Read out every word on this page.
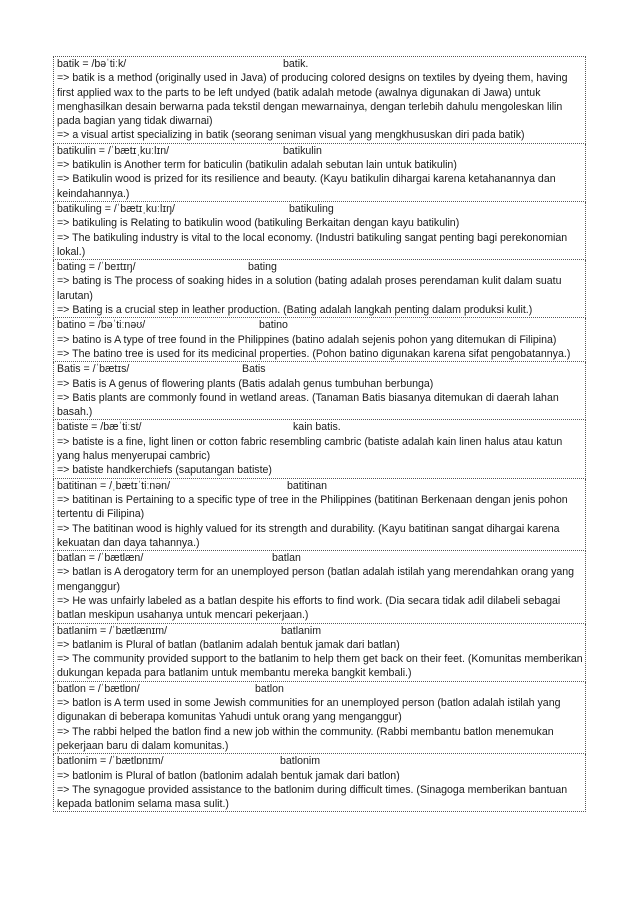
batik = /bəˈtiːk/	batik.
=> batik is a method (originally used in Java) of producing colored designs on textiles by dyeing them, having first applied wax to the parts to be left undyed (batik adalah metode (awalnya digunakan di Jawa) untuk menghasilkan desain berwarna pada tekstil dengan mewarnainya, dengan terlebih dahulu mengoleskan lilin pada bagian yang tidak diwarnai)
=> a visual artist specializing in batik (seorang seniman visual yang mengkhususkan diri pada batik)
batikulin = /ˈbætɪˌkuːlɪn/	batikulin
=> batikulin is Another term for baticulin (batikulin adalah sebutan lain untuk batikulin)
=> Batikulin wood is prized for its resilience and beauty. (Kayu batikulin dihargai karena ketahanannya dan keindahannya.)
batikuling = /ˈbætɪˌkuːlɪŋ/	batikuling
=> batikuling is Relating to batikulin wood (batikuling Berkaitan dengan kayu batikulin)
=> The batikuling industry is vital to the local economy. (Industri batikuling sangat penting bagi perekonomian lokal.)
bating = /ˈbeɪtɪŋ/	bating
=> bating is The process of soaking hides in a solution (bating adalah proses perendaman kulit dalam suatu larutan)
=> Bating is a crucial step in leather production. (Bating adalah langkah penting dalam produksi kulit.)
batino = /bəˈtiːnəʊ/	batino
=> batino is A type of tree found in the Philippines (batino adalah sejenis pohon yang ditemukan di Filipina)
=> The batino tree is used for its medicinal properties. (Pohon batino digunakan karena sifat pengobatannya.)
Batis = /ˈbætɪs/	Batis
=> Batis is A genus of flowering plants (Batis adalah genus tumbuhan berbunga)
=> Batis plants are commonly found in wetland areas. (Tanaman Batis biasanya ditemukan di daerah lahan basah.)
batiste = /bæˈtiːst/	kain batis.
=> batiste is a fine, light linen or cotton fabric resembling cambric (batiste adalah kain linen halus atau katun yang halus menyerupai cambric)
=> batiste handkerchiefs (saputangan batiste)
batitinan = /ˌbætɪˈtiːnən/	batitinan
=> batitinan is Pertaining to a specific type of tree in the Philippines (batitinan Berkenaan dengan jenis pohon tertentu di Filipina)
=> The batitinan wood is highly valued for its strength and durability. (Kayu batitinan sangat dihargai karena kekuatan dan daya tahannya.)
batlan = /ˈbætlæn/	batlan
=> batlan is A derogatory term for an unemployed person (batlan adalah istilah yang merendahkan orang yang menganggur)
=> He was unfairly labeled as a batlan despite his efforts to find work. (Dia secara tidak adil dilabeli sebagai batlan meskipun usahanya untuk mencari pekerjaan.)
batlanim = /ˈbætlænɪm/	batlanim
=> batlanim is Plural of batlan (batlanim adalah bentuk jamak dari batlan)
=> The community provided support to the batlanim to help them get back on their feet. (Komunitas memberikan dukungan kepada para batlanim untuk membantu mereka bangkit kembali.)
batlon = /ˈbætlɒn/	batlon
=> batlon is A term used in some Jewish communities for an unemployed person (batlon adalah istilah yang digunakan di beberapa komunitas Yahudi untuk orang yang menganggur)
=> The rabbi helped the batlon find a new job within the community. (Rabbi membantu batlon menemukan pekerjaan baru di dalam komunitas.)
batlonim = /ˈbætlɒnɪm/	batlonim
=> batlonim is Plural of batlon (batlonim adalah bentuk jamak dari batlon)
=> The synagogue provided assistance to the batlonim during difficult times. (Sinagoga memberikan bantuan kepada batlonim selama masa sulit.)
